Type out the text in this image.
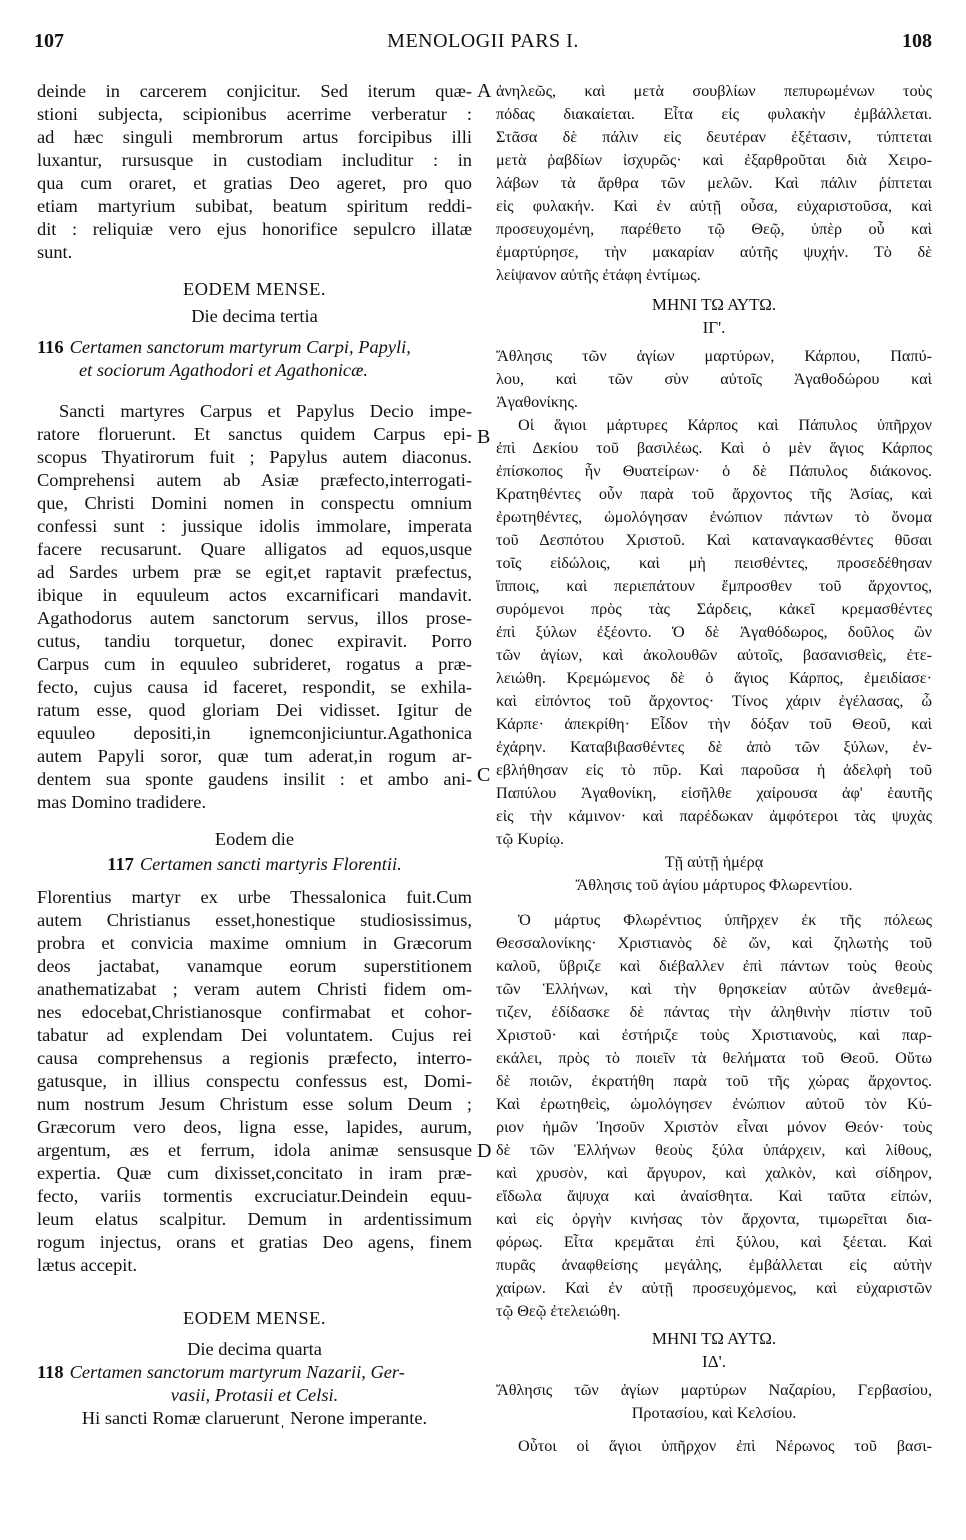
107	MENOLOGII PARS I.	108
A
B
C
D
deinde in carcerem conjicitur. Sed iterum quæ-
stioni subjecta, scipionibus acerrime verberatur :
ad hæc singuli membrorum artus forcipibus illi
luxantur, rursusque in custodiam includitur : in
qua cum oraret, et gratias Deo ageret, pro quo
etiam martyrium subibat, beatum spiritum reddi-
dit : reliquiæ vero ejus honorifice sepulcro illatæ
sunt.
EODEM MENSE.
Die decima tertia
116 Certamen sanctorum martyrum Carpi, Papyli,
et sociorum Agathodori et Agathonicæ.
Sancti martyres Carpus et Papylus Decio impe-
ratore floruerunt. Et sanctus quidem Carpus epi-
scopus Thyatirorum fuit ; Papylus autem diaconus.
Comprehensi autem ab Asiæ præfecto,interrogati-
que, Christi Domini nomen in conspectu omnium
confessi sunt : jussique idolis immolare, imperata
facere recusarunt. Quare alligatos ad equos,usque
ad Sardes urbem præ se egit,et raptavit præfectus,
ibique in equuleum actos excarnificari mandavit.
Agathodorus autem sanctorum servus, illos prose-
cutus, tandiu torquetur, donec expiravit. Porro
Carpus cum in equuleo subrideret, rogatus a præ-
fecto, cujus causa id faceret, respondit, se exhila-
ratum esse, quod gloriam Dei vidisset. Igitur de
equuleo depositi,in ignemconjiciuntur.Agathonica
autem Papyli soror, quæ tum aderat,in rogum ar-
dentem sua sponte gaudens insilit : et ambo ani-
mas Domino tradidere.
Eodem die
117 Certamen sancti martyris Florentii.
Florentius martyr ex urbe Thessalonica fuit.Cum
autem Christianus esset,honestique studiosissimus,
probra et convicia maxime omnium in Græcorum
deos jactabat, vanamque eorum superstitionem
anathematizabat ; veram autem Christi fidem om-
nes edocebat,Christianosque confirmabat et cohor-
tabatur ad explendam Dei voluntatem. Cujus rei
causa comprehensus a regionis præfecto, interro-
gatusque, in illius conspectu confessus est, Domi-
num nostrum Jesum Christum esse solum Deum ;
Græcorum vero deos, ligna esse, lapides, aurum,
argentum, æs et ferrum, idola animæ sensusque
expertia. Quæ cum dixisset,concitato in iram præ-
fecto, variis tormentis excruciatur.Deindein equu-
leum elatus scalpitur. Demum in ardentissimum
rogum injectus, orans et gratias Deo agens, finem
lætus accepit.
EODEM MENSE.
Die decima quarta
118 Certamen sanctorum martyrum Nazarii, Ger-
vasii, Protasii et Celsi.
Hi sancti Romæ clarueruntˌ Nerone imperante.
ἀνηλεῶς, καὶ μετὰ σουβλίων πεπυρωμένων τοὺς
πόδας διακαίεται. Εἶτα εἰς φυλακὴν ἐμβάλλεται.
Στᾶσα δὲ πάλιν εἰς δευτέραν ἐξέτασιν, τύπτεται
μετὰ ῥαβδίων ἰσχυρῶς· καὶ ἐξαρθροῦται διὰ Χειρο-
λάβων τὰ ἄρθρα τῶν μελῶν. Καὶ πάλιν ῥίπτεται
εἰς φυλακήν. Καὶ ἐν αὐτῇ οὖσα, εὐχαριστοῦσα, καὶ
προσευχομένη, παρέθετο τῷ Θεῷ, ὑπὲρ οὗ καὶ
ἐμαρτύρησε, τὴν μακαρίαν αὐτῆς ψυχήν. Τὸ δὲ
λείψανον αὐτῆς ἐτάφη ἐντίμως.
ΜΗΝΙ ΤΩ ΑΥΤΩ.
ΙΓ'.
Ἄθλησις τῶν ἁγίων μαρτύρων, Κάρπου, Παπύ-
λου, καὶ τῶν σὺν αὐτοῖς Ἀγαθοδώρου καὶ
Ἀγαθονίκης.
Οἱ ἅγιοι μάρτυρες Κάρπος καὶ Πάπυλος ὑπῆρχον
ἐπὶ Δεκίου τοῦ βασιλέως. Καὶ ὁ μὲν ἅγιος Κάρπος
ἐπίσκοπος ἦν Θυατείρων· ὁ δὲ Πάπυλος διάκονος.
Κρατηθέντες οὖν παρὰ τοῦ ἄρχοντος τῆς Ἀσίας, καὶ
ἐρωτηθέντες, ὡμολόγησαν ἐνώπιον πάντων τὸ ὄνομα
τοῦ Δεσπότου Χριστοῦ. Καὶ καταναγκασθέντες θῦσαι
τοῖς εἰδώλοις, καὶ μὴ πεισθέντες, προσεδέθησαν
ἵπποις, καὶ περιεπάτουν ἔμπροσθεν τοῦ ἄρχοντος,
συρόμενοι πρὸς τὰς Σάρδεις, κἀκεῖ κρεμασθέντες
ἐπὶ ξύλων ἐξέοντο. Ὁ δὲ Ἀγαθόδωρος, δοῦλος ὢν
τῶν ἁγίων, καὶ ἀκολουθῶν αὐτοῖς, βασανισθεὶς, ἐτε-
λειώθη. Κρεμώμενος δὲ ὁ ἅγιος Κάρπος, ἐμειδίασε·
καὶ εἰπόντος τοῦ ἄρχοντος· Τίνος χάριν ἐγέλασας, ὦ
Κάρπε· ἀπεκρίθη· Εἶδον τὴν δόξαν τοῦ Θεοῦ, καὶ
ἐχάρην. Καταβιβασθέντες δὲ ἀπὸ τῶν ξύλων, ἐν-
εβλήθησαν εἰς τὸ πῦρ. Καὶ παροῦσα ἡ ἀδελφὴ τοῦ
Παπύλου Ἀγαθονίκη, εἰσῆλθε χαίρουσα ἀφ' ἑαυτῆς
εἰς τὴν κάμινον· καὶ παρέδωκαν ἀμφότεροι τὰς ψυχὰς
τῷ Κυρίῳ.
Τῇ αὐτῇ ἡμέρᾳ
Ἄθλησις τοῦ ἁγίου μάρτυρος Φλωρεντίου.
Ὁ μάρτυς Φλωρέντιος ὑπῆρχεν ἐκ τῆς πόλεως
Θεσσαλονίκης· Χριστιανὸς δὲ ὤν, καὶ ζηλωτὴς τοῦ
καλοῦ, ὕβριζε καὶ διέβαλλεν ἐπὶ πάντων τοὺς θεοὺς
τῶν Ἑλλήνων, καὶ τὴν θρησκείαν αὐτῶν ἀνεθεμά-
τιζεν, ἐδίδασκε δὲ πάντας τὴν ἀληθινὴν πίστιν τοῦ
Χριστοῦ· καὶ ἐστήριζε τοὺς Χριστιανοὺς, καὶ παρ-
εκάλει, πρὸς τὸ ποιεῖν τὰ θελήματα τοῦ Θεοῦ. Οὕτω
δὲ ποιῶν, ἐκρατήθη παρὰ τοῦ τῆς χώρας ἄρχοντος.
Καὶ ἐρωτηθεὶς, ὡμολόγησεν ἐνώπιον αὐτοῦ τὸν Κύ-
ριον ἡμῶν Ἰησοῦν Χριστὸν εἶναι μόνον Θεόν· τοὺς
δὲ τῶν Ἑλλήνων θεοὺς ξύλα ὑπάρχειν, καὶ λίθους,
καὶ χρυσὸν, καὶ ἄργυρον, καὶ χαλκὸν, καὶ σίδηρον,
εἴδωλα ἄψυχα καὶ ἀναίσθητα. Καὶ ταῦτα εἰπών,
καὶ εἰς ὀργὴν κινήσας τὸν ἄρχοντα, τιμωρεῖται δια-
φόρως. Εἶτα κρεμᾶται ἐπὶ ξύλου, καὶ ξέεται. Καὶ
πυρᾶς ἀναφθείσης μεγάλης, ἐμβάλλεται εἰς αὐτὴν
χαίρων. Καὶ ἐν αὐτῇ προσευχόμενος, καὶ εὐχαριστῶν
τῷ Θεῷ ἐτελειώθη.
ΜΗΝΙ ΤΩ ΑΥΤΩ.
ΙΔ'.
Ἄθλησις τῶν ἁγίων μαρτύρων Ναζαρίου, Γερβασίου,
Προτασίου, καὶ Κελσίου.
Οὗτοι οἱ ἅγιοι ὑπῆρχον ἐπὶ Νέρωνος τοῦ βασι-
